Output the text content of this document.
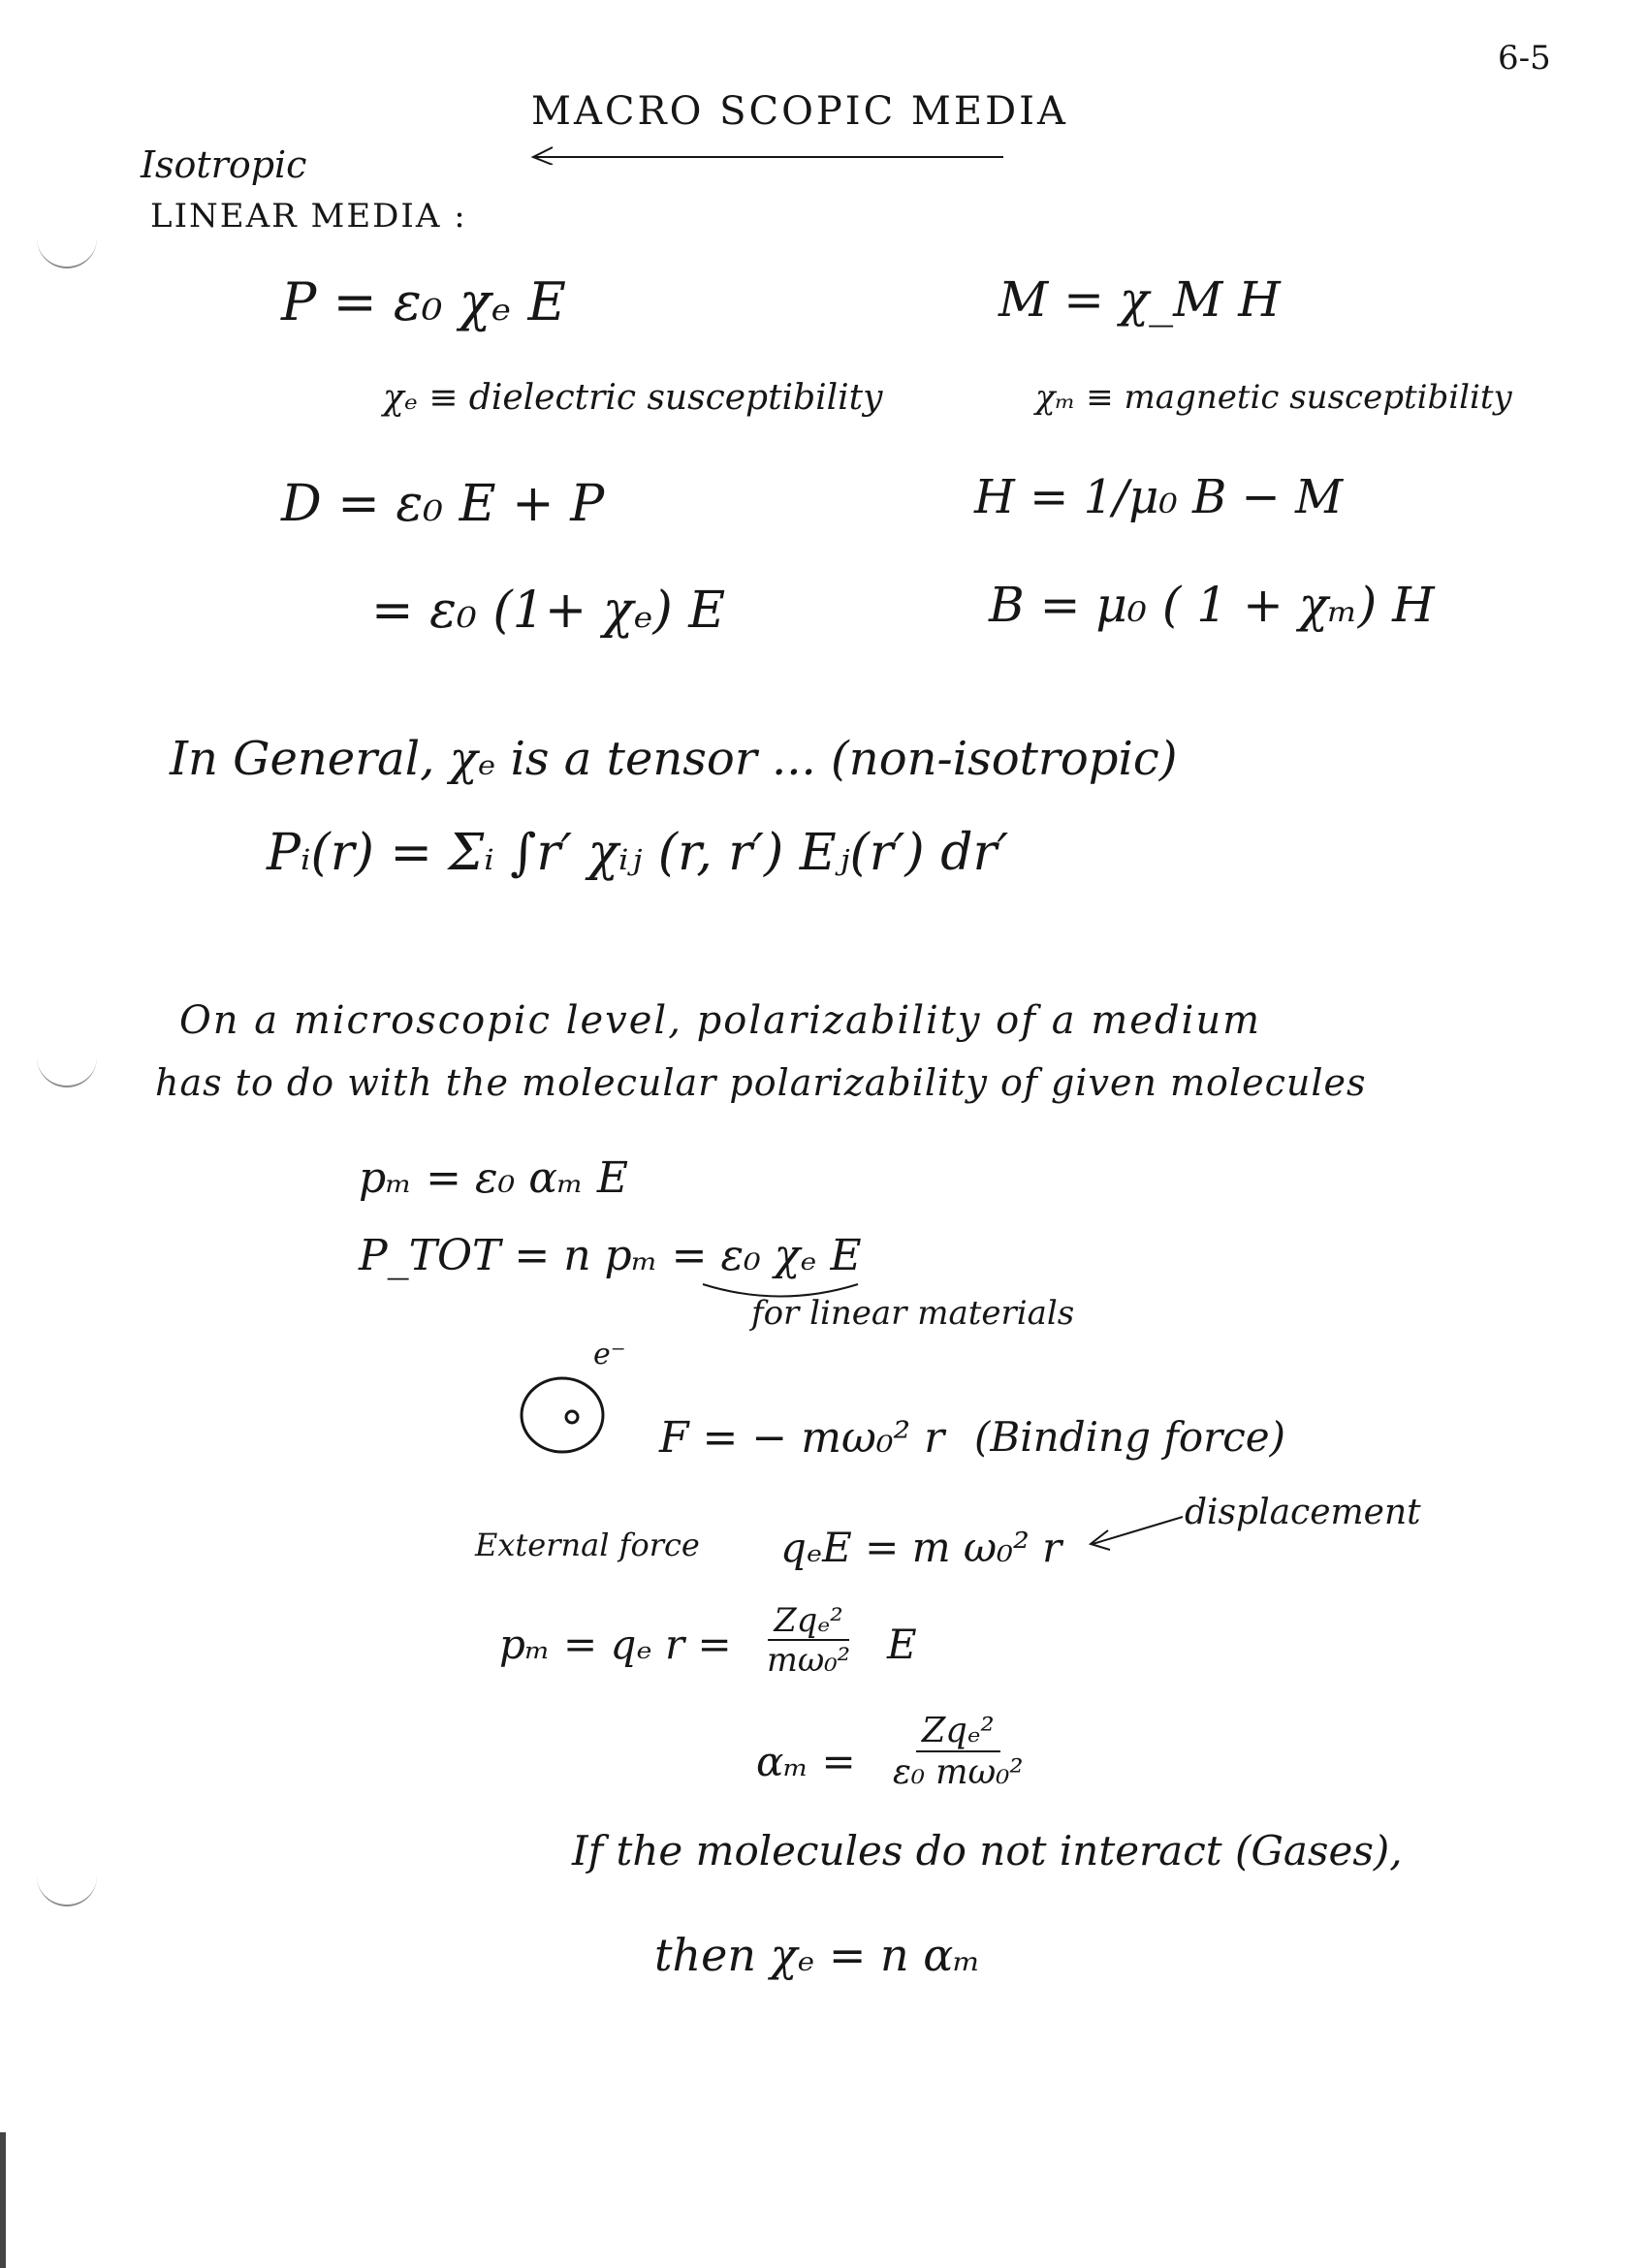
6-5
MACRO SCOPIC MEDIA
Isotropic
LINEAR MEDIA :
P = ε₀ χₑ E	M = χ_M H
χₑ ≡ dielectric susceptibility	χₘ ≡ magnetic susceptibility
D = ε₀ E + P	H = 1/μ₀ B − M
= ε₀ (1+ χₑ) E	B = μ₀ ( 1 + χₘ) H
In General, χₑ is a tensor ... (non-isotropic)
Pᵢ(r) = Σᵢ ∫r′ χᵢⱼ (r, r′) Eⱼ(r′) dr′
On a microscopic level, polarizability of a medium
has to do with the molecular polarizability of given molecules
pₘ = ε₀ αₘ E
P_TOT = n pₘ = ε₀ χₑ E
for linear materials
e⁻
F = − mω₀² r (Binding force)
External force qₑE = m ω₀² r
displacement
pₘ = qₑ $r = \frac{\text{Zqₑ²}}{\text{mω₀²}}$ E
$\alpha_m = \frac{\text{Zqₑ²}}{\text{ε₀ mω₀²}}$
If the molecules do not interact (Gases),
then χₑ = n αₘ
